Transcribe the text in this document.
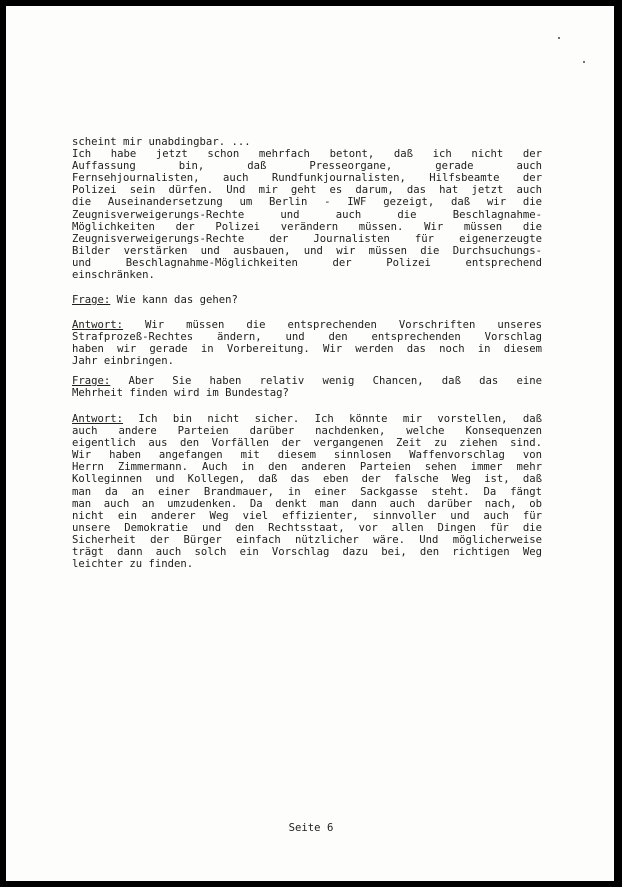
scheint mir unabdingbar. ...
Ich habe jetzt schon mehrfach betont, daß ich nicht der
Auffassung bin, daß Presseorgane, gerade auch
Fernsehjournalisten, auch Rundfunkjournalisten, Hilfsbeamte der
Polizei sein dürfen. Und mir geht es darum, das hat jetzt auch
die Auseinandersetzung um Berlin - IWF gezeigt, daß wir die
Zeugnisverweigerungs-Rechte und auch die Beschlagnahme-
Möglichkeiten der Polizei verändern müssen. Wir müssen die
Zeugnisverweigerungs-Rechte der Journalisten für eigenerzeugte
Bilder verstärken und ausbauen, und wir müssen die Durchsuchungs-
und Beschlagnahme-Möglichkeiten der Polizei entsprechend
einschränken.
Frage: Wie kann das gehen?
Antwort: Wir müssen die entsprechenden Vorschriften unseres
Strafprozeß-Rechtes ändern, und den entsprechenden Vorschlag
haben wir gerade in Vorbereitung. Wir werden das noch in diesem
Jahr einbringen.
Frage: Aber Sie haben relativ wenig Chancen, daß das eine
Mehrheit finden wird im Bundestag?
Antwort: Ich bin nicht sicher. Ich könnte mir vorstellen, daß
auch andere Parteien darüber nachdenken, welche Konsequenzen
eigentlich aus den Vorfällen der vergangenen Zeit zu ziehen sind.
Wir haben angefangen mit diesem sinnlosen Waffenvorschlag von
Herrn Zimmermann. Auch in den anderen Parteien sehen immer mehr
Kolleginnen und Kollegen, daß das eben der falsche Weg ist, daß
man da an einer Brandmauer, in einer Sackgasse steht. Da fängt
man auch an umzudenken. Da denkt man dann auch darüber nach, ob
nicht ein anderer Weg viel effizienter, sinnvoller und auch für
unsere Demokratie und den Rechtsstaat, vor allen Dingen für die
Sicherheit der Bürger einfach nützlicher wäre. Und möglicherweise
trägt dann auch solch ein Vorschlag dazu bei, den richtigen Weg
leichter zu finden.
Seite 6
